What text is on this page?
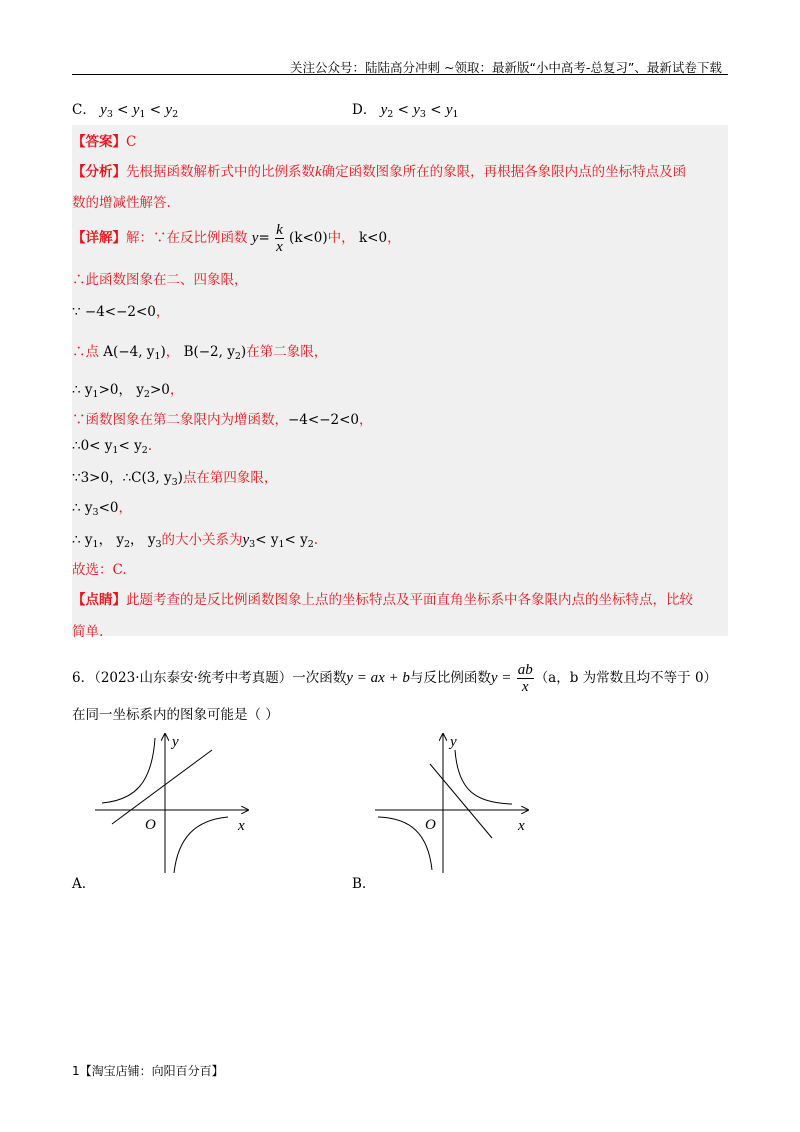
关注公众号：陆陆高分冲刺 ~领取：最新版“小中高考-总复习”、最新试卷下载
C． $y_3 < y_1 < y_2$	D． $y_2 < y_3 < y_1$
【答案】C
【分析】先根据函数解析式中的比例系数k确定函数图象所在的象限，再根据各象限内点的坐标特点及函
数的增减性解答.
【详解】解：∵在反比例函数 $y= \frac{k}{x} (k<0)$中， k<0，
∴此函数图象在二、四象限，
∵ −4<−2<0，
∴点 A(−4, $y_1$)， B(−2, $y_2$)在第二象限，
∴ $y_1>0$， $y_2>0$，
∵函数图象在第二象限内为增函数，−4<−2<0，
∴0< $y_1< y_2$.
∵3>0，∴C(3, $y_3$)点在第四象限，
∴ $y_3<0$，
∴ $y_1$， $y_2$， $y_3$的大小关系为$y_3< y_1< y_2$.
故选：C.
【点睛】此题考查的是反比例函数图象上点的坐标特点及平面直角坐标系中各象限内点的坐标特点，比较
简单.
6．（2023·山东泰安·统考中考真题）一次函数y = ax + b与反比例函数$y = \frac{ab}{x} (a$，b 为常数且均不等于 0）
在同一坐标系内的图象可能是（ ）
O	x
y
A.
O	x
y
B.
1【淘宝店铺：向阳百分百】
